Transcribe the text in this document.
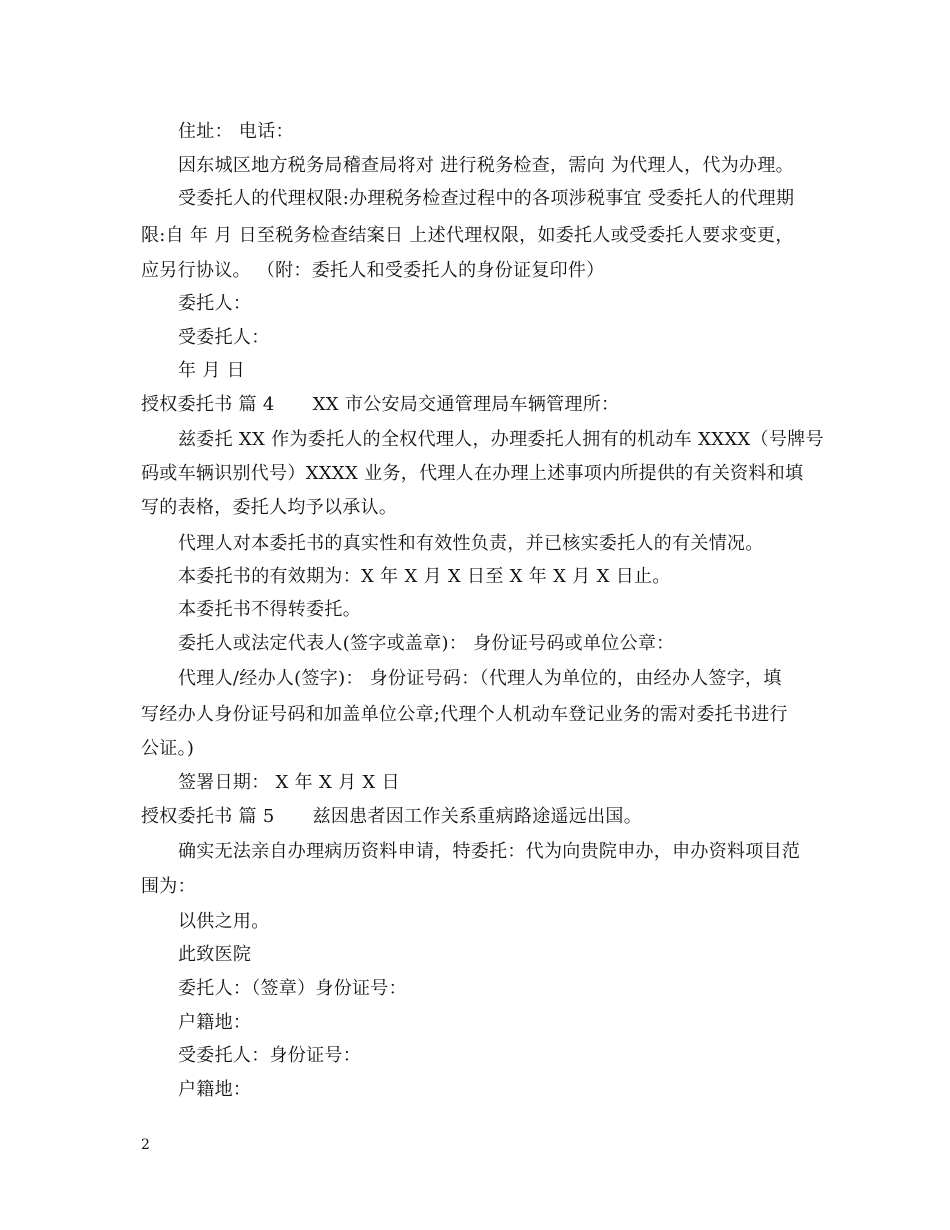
住址： 电话：
因东城区地方税务局稽查局将对 进行税务检查，需向 为代理人，代为办理。
受委托人的代理权限:办理税务检查过程中的各项涉税事宜 受委托人的代理期
限:自 年 月 日至税务检查结案日 上述代理权限，如委托人或受委托人要求变更，
应另行协议。 （附：委托人和受委托人的身份证复印件）
委托人：
受委托人：
年 月 日
授权委托书 篇 4 XX 市公安局交通管理局车辆管理所：
兹委托 XX 作为委托人的全权代理人，办理委托人拥有的机动车 XXXX（号牌号
码或车辆识别代号）XXXX 业务，代理人在办理上述事项内所提供的有关资料和填
写的表格，委托人均予以承认。
代理人对本委托书的真实性和有效性负责，并已核实委托人的有关情况。
本委托书的有效期为：X 年 X 月 X 日至 X 年 X 月 X 日止。
本委托书不得转委托。
委托人或法定代表人(签字或盖章)： 身份证号码或单位公章：
代理人/经办人(签字)： 身份证号码：（代理人为单位的，由经办人签字，填
写经办人身份证号码和加盖单位公章;代理个人机动车登记业务的需对委托书进行
公证。)
签署日期： X 年 X 月 X 日
授权委托书 篇 5 兹因患者因工作关系重病路途遥远出国。
确实无法亲自办理病历资料申请，特委托：代为向贵院申办，申办资料项目范
围为：
以供之用。
此致医院
委托人：（签章）身份证号：
户籍地：
受委托人：身份证号：
户籍地：
2
